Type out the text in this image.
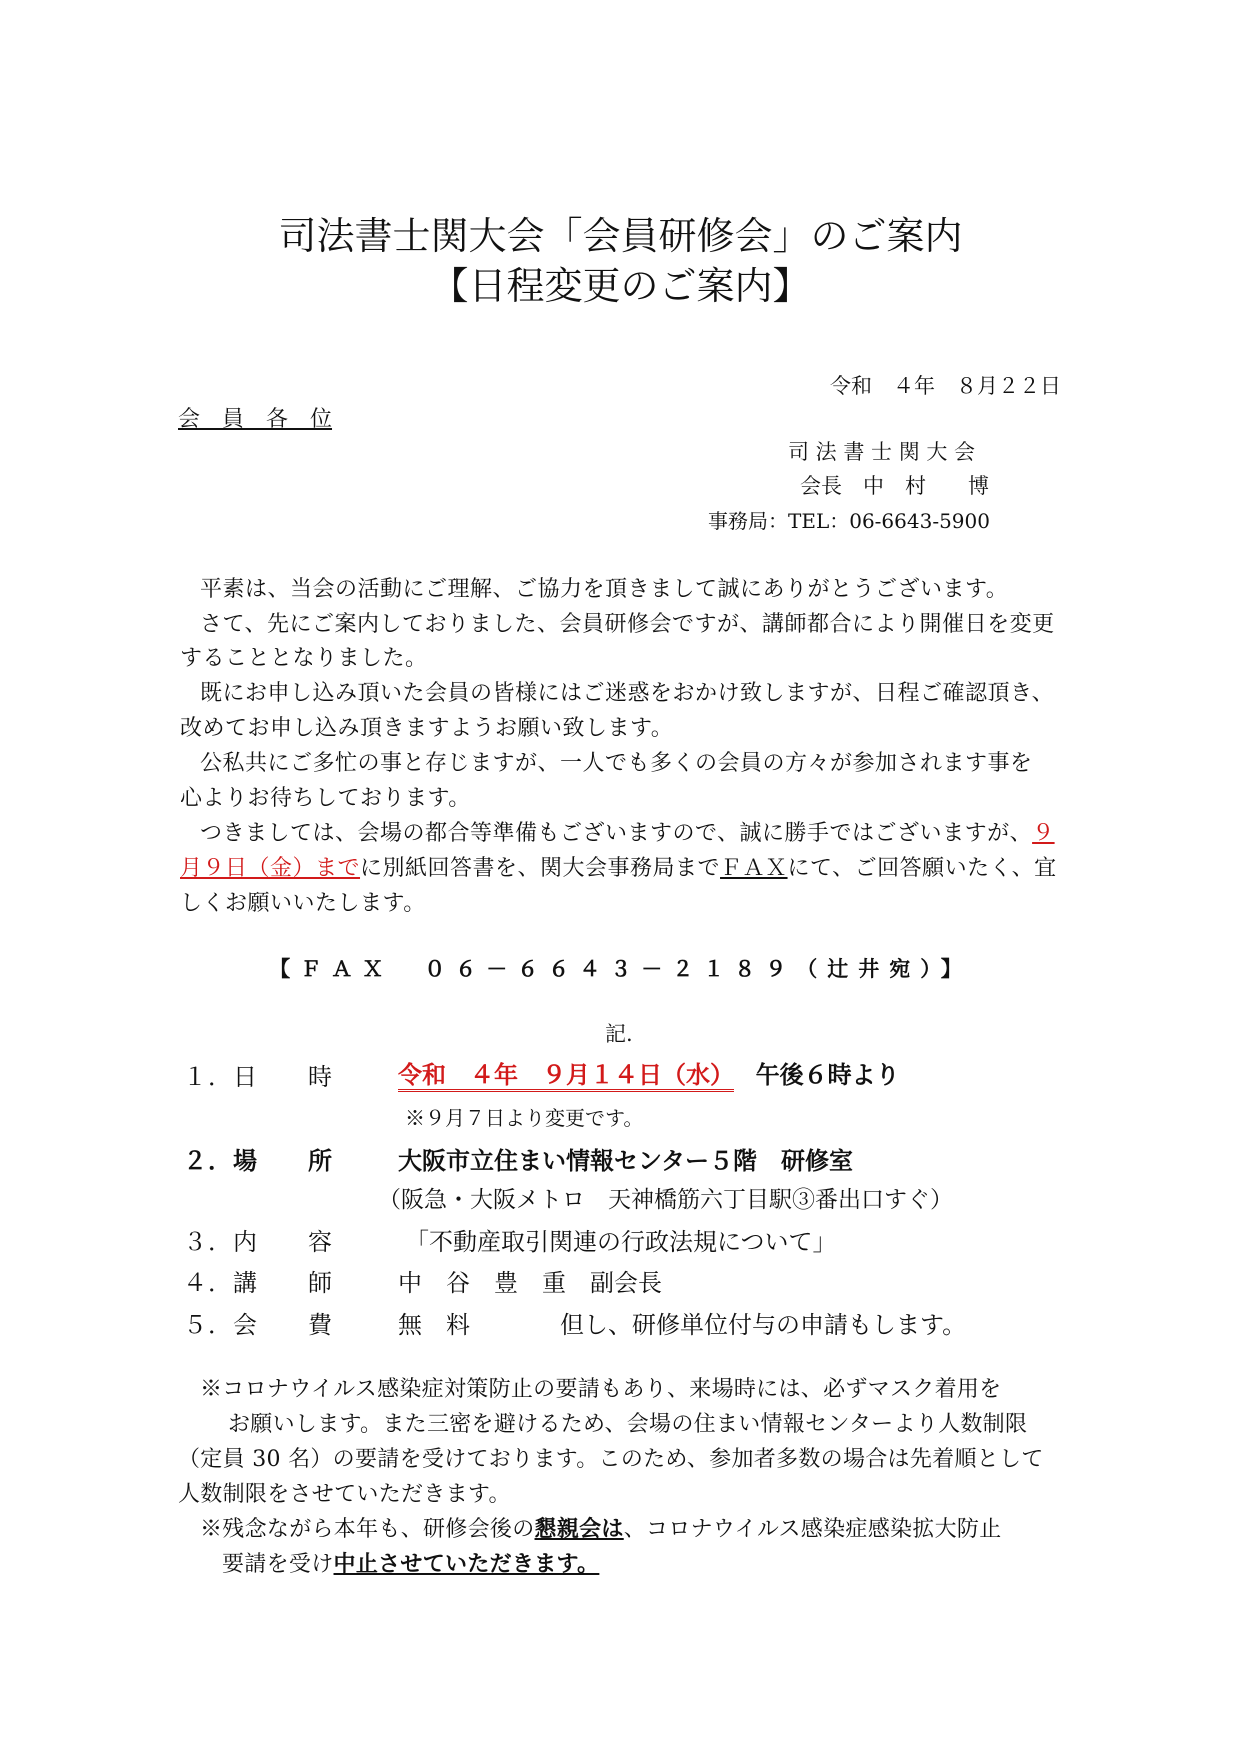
司法書士関大会「会員研修会」のご案内
【日程変更のご案内】
令和　４年　８月２２日
会　員　各　位
司 法 書 士 関 大 会
会長　中　村　　博
事務局：TEL：06-6643-5900
平素は、当会の活動にご理解、ご協力を頂きまして誠にありがとうございます。
さて、先にご案内しておりました、会員研修会ですが、講師都合により開催日を変更
することとなりました。
既にお申し込み頂いた会員の皆様にはご迷惑をおかけ致しますが、日程ご確認頂き、
改めてお申し込み頂きますようお願い致します。
公私共にご多忙の事と存じますが、一人でも多くの会員の方々が参加されます事を
心よりお待ちしております。
つきましては、会場の都合等準備もございますので、誠に勝手ではございますが、９
月９日（金）までに別紙回答書を、関大会事務局までＦＡＸにて、ご回答願いたく、宜
しくお願いいたします。
【ＦＡＸ　０６－６６４３－２１８９（辻井宛）】
記.
１．日　　時	令和　４年　９月１４日（水） 午後６時より
※９月７日より変更です。
２．場　　所	大阪市立住まい情報センター５階　研修室
（阪急・大阪メトロ　天神橋筋六丁目駅③番出口すぐ）
３．内　　容	「不動産取引関連の行政法規について」
４．講　　師	中　谷　豊　重　副会長
５．会　　費	無　料	但し、研修単位付与の申請もします。
※コロナウイルス感染症対策防止の要請もあり、来場時には、必ずマスク着用を
お願いします。また三密を避けるため、会場の住まい情報センターより人数制限
（定員 30 名）の要請を受けております。このため、参加者多数の場合は先着順として
人数制限をさせていただきます。
※残念ながら本年も、研修会後の懇親会は、コロナウイルス感染症感染拡大防止
要請を受け中止させていただきます。
